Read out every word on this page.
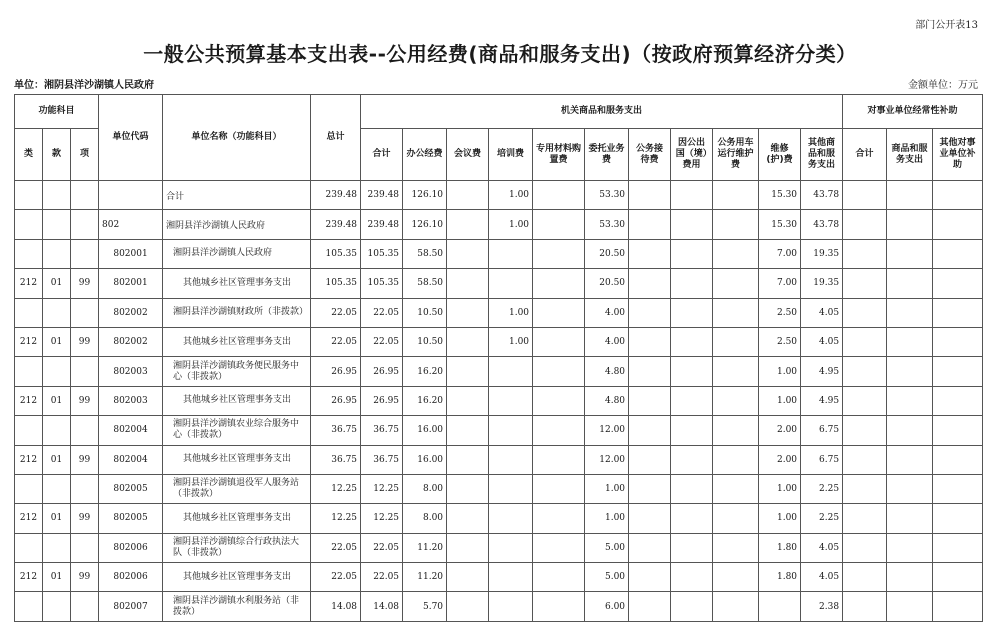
部门公开表13
一般公共预算基本支出表--公用经费(商品和服务支出)（按政府预算经济分类）
单位：湘阴县洋沙湖镇人民政府	金额单位：万元
功能科目			单位代码	单位名称（功能科目）	总计	机关商品和服务支出											对事业单位经常性补助		
类	款	项				合计	办公经费	会议费	培训费	专用材料购置费	委托业务费	公务接待费	因公出国（境）费用	公务用车运行维护费	维修(护)费	其他商品和服务支出	合计	商品和服务支出	其他对事业单位补助
				合计	239.48	239.48	126.10		1.00		53.30				15.30	43.78			
			802	湘阴县洋沙湖镇人民政府	239.48	239.48	126.10		1.00		53.30				15.30	43.78			
			802001	湘阴县洋沙湖镇人民政府	105.35	105.35	58.50				20.50				7.00	19.35			
212	01	99	802001	其他城乡社区管理事务支出	105.35	105.35	58.50				20.50				7.00	19.35			
			802002	湘阴县洋沙湖镇财政所（非拨款）	22.05	22.05	10.50		1.00		4.00				2.50	4.05			
212	01	99	802002	其他城乡社区管理事务支出	22.05	22.05	10.50		1.00		4.00				2.50	4.05			
			802003	湘阴县洋沙湖镇政务便民服务中心（非拨款）	26.95	26.95	16.20				4.80				1.00	4.95			
212	01	99	802003	其他城乡社区管理事务支出	26.95	26.95	16.20				4.80				1.00	4.95			
			802004	湘阴县洋沙湖镇农业综合服务中心（非拨款）	36.75	36.75	16.00				12.00				2.00	6.75			
212	01	99	802004	其他城乡社区管理事务支出	36.75	36.75	16.00				12.00				2.00	6.75			
			802005	湘阴县洋沙湖镇退役军人服务站（非拨款）	12.25	12.25	8.00				1.00				1.00	2.25			
212	01	99	802005	其他城乡社区管理事务支出	12.25	12.25	8.00				1.00				1.00	2.25			
			802006	湘阴县洋沙湖镇综合行政执法大队（非拨款）	22.05	22.05	11.20				5.00				1.80	4.05			
212	01	99	802006	其他城乡社区管理事务支出	22.05	22.05	11.20				5.00				1.80	4.05			
			802007	湘阴县洋沙湖镇水利服务站（非拨款）	14.08	14.08	5.70				6.00					2.38			
